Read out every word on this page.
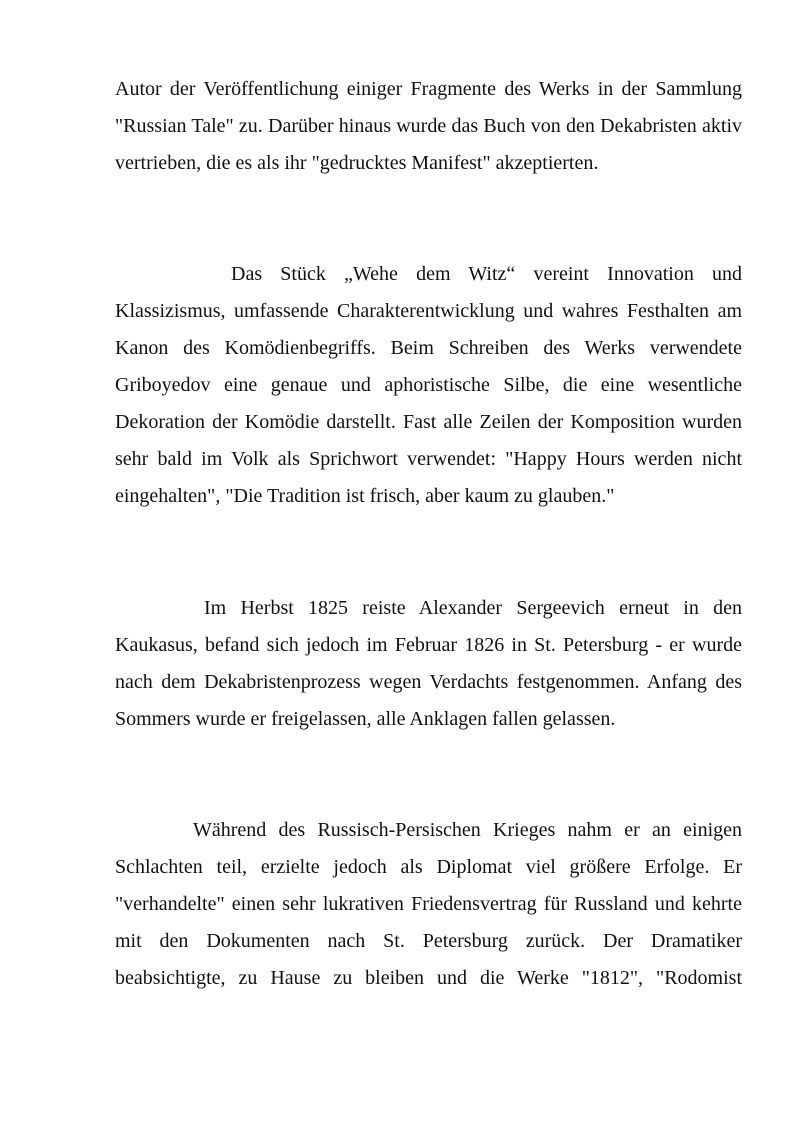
Autor der Veröffentlichung einiger Fragmente des Werks in der Sammlung "Russian Tale" zu. Darüber hinaus wurde das Buch von den Dekabristen aktiv vertrieben, die es als ihr "gedrucktes Manifest" akzeptierten.

Das Stück „Wehe dem Witz“ vereint Innovation und Klassizismus, umfassende Charakterentwicklung und wahres Festhalten am Kanon des Komödienbegriffs. Beim Schreiben des Werks verwendete Griboyedov eine genaue und aphoristische Silbe, die eine wesentliche Dekoration der Komödie darstellt. Fast alle Zeilen der Komposition wurden sehr bald im Volk als Sprichwort verwendet: "Happy Hours werden nicht eingehalten", "Die Tradition ist frisch, aber kaum zu glauben."

Im Herbst 1825 reiste Alexander Sergeevich erneut in den Kaukasus, befand sich jedoch im Februar 1826 in St. Petersburg - er wurde nach dem Dekabristenprozess wegen Verdachts festgenommen. Anfang des Sommers wurde er freigelassen, alle Anklagen fallen gelassen.

Während des Russisch-Persischen Krieges nahm er an einigen Schlachten teil, erzielte jedoch als Diplomat viel größere Erfolge. Er "verhandelte" einen sehr lukrativen Friedensvertrag für Russland und kehrte mit den Dokumenten nach St. Petersburg zurück. Der Dramatiker beabsichtigte, zu Hause zu bleiben und die Werke "1812", "Rodomist
